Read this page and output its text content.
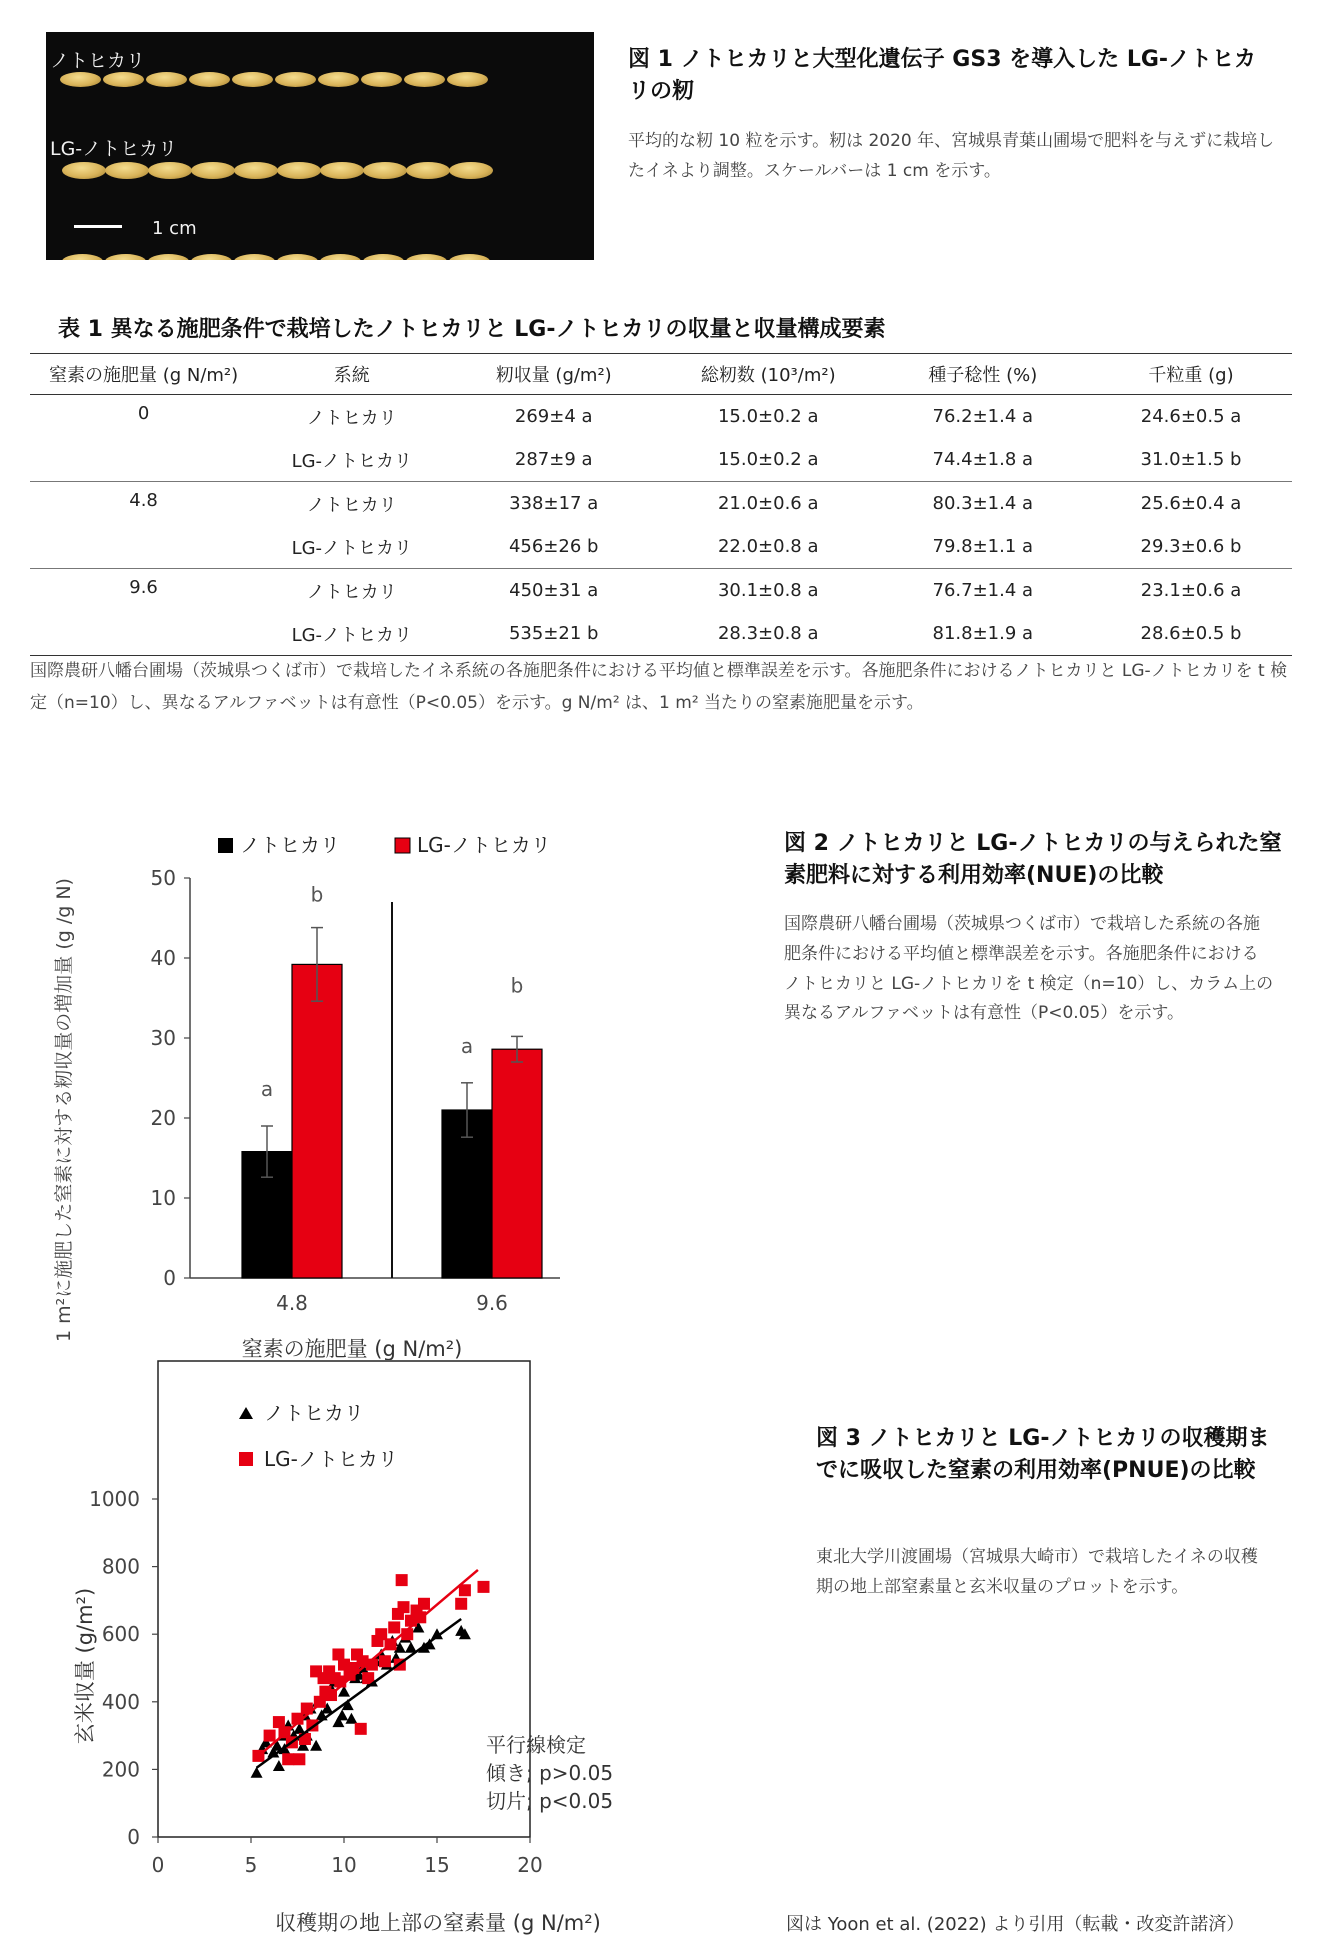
ノトヒカリ
LG-ノトヒカリ
1 cm
図 1 ノトヒカリと大型化遺伝子 GS3 を導入した LG-ノトヒカリの籾
平均的な籾 10 粒を示す。籾は 2020 年、宮城県青葉山圃場で肥料を与えずに栽培したイネより調整。スケールバーは 1 cm を示す。
表 1 異なる施肥条件で栽培したノトヒカリと LG-ノトヒカリの収量と収量構成要素
窒素の施肥量 (g N/m²)	系統	籾収量 (g/m²)	総籾数 (10³/m²)	種子稔性 (%)	千粒重 (g)
0	ノトヒカリ	269±4 a	15.0±0.2 a	76.2±1.4 a	24.6±0.5 a
	LG-ノトヒカリ	287±9 a	15.0±0.2 a	74.4±1.8 a	31.0±1.5 b
4.8	ノトヒカリ	338±17 a	21.0±0.6 a	80.3±1.4 a	25.6±0.4 a
	LG-ノトヒカリ	456±26 b	22.0±0.8 a	79.8±1.1 a	29.3±0.6 b
9.6	ノトヒカリ	450±31 a	30.1±0.8 a	76.7±1.4 a	23.1±0.6 a
	LG-ノトヒカリ	535±21 b	28.3±0.8 a	81.8±1.9 a	28.6±0.5 b

国際農研八幡台圃場（茨城県つくば市）で栽培したイネ系統の各施肥条件における平均値と標準誤差を示す。各施肥条件におけるノトヒカリと LG-ノトヒカリを t 検定（n=10）し、異なるアルファベットは有意性（P<0.05）を示す。g N/m² は、1 m² 当たりの窒素施肥量を示す。
0
10
20
30
40
50
4.8	9.6
a
a
b
b
ノトヒカリ	LG-ノトヒカリ
1 m²に施肥した窒素に対する籾収量の増加量 (g /g N)
窒素の施肥量 (g N/m²)
図 2 ノトヒカリと LG-ノトヒカリの与えられた窒素肥料に対する利用効率(NUE)の比較
国際農研八幡台圃場（茨城県つくば市）で栽培した系統の各施肥条件における平均値と標準誤差を示す。各施肥条件におけるノトヒカリと LG-ノトヒカリを t 検定（n=10）し、カラム上の異なるアルファベットは有意性（P<0.05）を示す。
0
200
400
600
800
1000
0	5	10	15	20
ノトヒカリ
LG-ノトヒカリ
平行線検定
傾き; p>0.05
切片; p<0.05
玄米収量 (g/m²)
収穫期の地上部の窒素量 (g N/m²)
図 3 ノトヒカリと LG-ノトヒカリの収穫期までに吸収した窒素の利用効率(PNUE)の比較
東北大学川渡圃場（宮城県大崎市）で栽培したイネの収穫期の地上部窒素量と玄米収量のプロットを示す。
図は Yoon et al. (2022) より引用（転載・改変許諾済）
